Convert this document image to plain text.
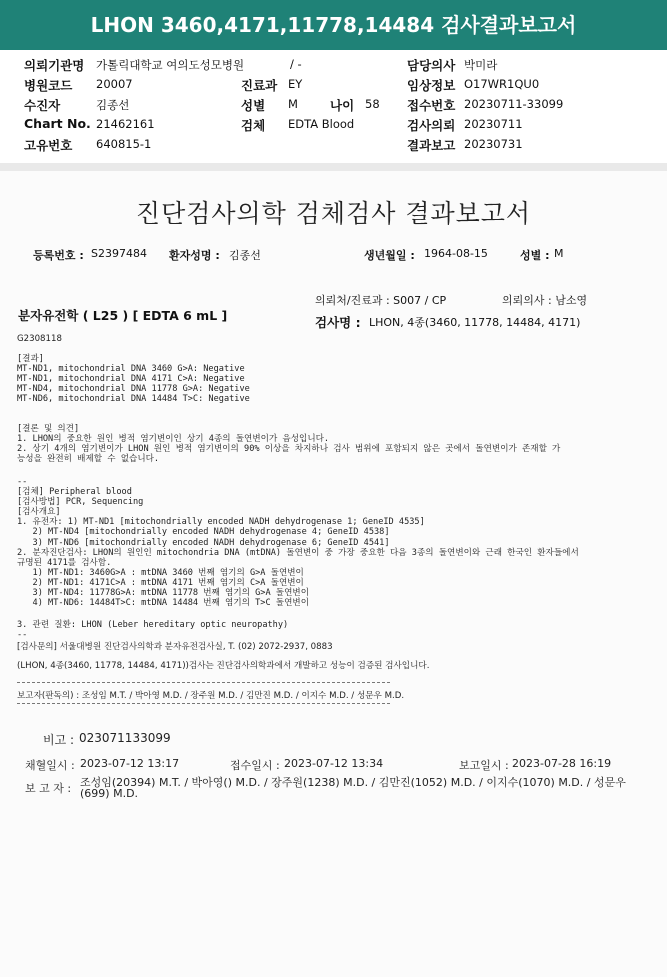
LHON 3460,4171,11778,14484 검사결과보고서
의뢰기관명 가톨릭대학교 여의도성모병원	/ -	담당의사 박미라
병원코드 20007	진료과 EY	임상정보 O17WR1QU0
수진자	김종선	성별 M	나이 58 접수번호 20230711-33099
Chart No. 21462161	검체 EDTA Blood	검사의뢰 20230711
고유번호 640815-1	결과보고 20230731
진단검사의학 검체검사 결과보고서
등록번호 : S2397484 환자성명 : 김종선	생년월일 : 1964-08-15	성별 : M
의뢰처/진료과 : S007 / CP	의뢰의사 : 남소영
분자유전학 ( L25 ) [ EDTA 6 mL ]	검사명 : LHON, 4종(3460, 11778, 14484, 4171)
G2308118
[결과]
MT-ND1, mitochondrial DNA 3460 G>A: Negative
MT-ND1, mitochondrial DNA 4171 C>A: Negative
MT-ND4, mitochondrial DNA 11778 G>A: Negative
MT-ND6, mitochondrial DNA 14484 T>C: Negative
[결론 및 의견]
1. LHON의 중요한 원인 병적 염기변이인 상기 4종의 돌연변이가 음성입니다.
2. 상기 4개의 염기변이가 LHON 원인 병적 염기변이의 90% 이상을 차지하나 검사 범위에 포함되지 않은 곳에서 돌연변이가 존재할 가
능성을 완전히 배제할 수 없습니다.
--
[검체] Peripheral blood
[검사방법] PCR, Sequencing
[검사개요]
1. 유전자: 1) MT-ND1 [mitochondrially encoded NADH dehydrogenase 1; GeneID 4535]
2) MT-ND4 [mitochondrially encoded NADH dehydrogenase 4; GeneID 4538]
3) MT-ND6 [mitochondrially encoded NADH dehydrogenase 6; GeneID 4541]
2. 분자진단검사: LHON의 원인인 mitochondria DNA (mtDNA) 돌연변이 중 가장 중요한 다음 3종의 돌연변이와 근래 한국인 환자들에서
규명된 4171를 검사함.
1) MT-ND1: 3460G>A : mtDNA 3460 번째 염기의 G>A 돌연변이
2) MT-ND1: 4171C>A : mtDNA 4171 번째 염기의 C>A 돌연변이
3) MT-ND4: 11778G>A: mtDNA 11778 번째 염기의 G>A 돌연변이
4) MT-ND6: 14484T>C: mtDNA 14484 번째 염기의 T>C 돌연변이
3. 관련 질환: LHON (Leber hereditary optic neuropathy)
--
[검사문의] 서울대병원 진단검사의학과 분자유전검사실, T. (02) 2072-2937, 0883
(LHON, 4종(3460, 11778, 14484, 4171))검사는 진단검사의학과에서 개발하고 성능이 검증된 검사입니다.
보고자(판독의) : 조성임 M.T. / 박아영 M.D. / 장주원 M.D. / 김만진 M.D. / 이지수 M.D. / 성문우 M.D.
비고 : 023071133099
채혈일시 : 2023-07-12 13:17	접수일시 : 2023-07-12 13:34	보고일시 : 2023-07-28 16:19
보 고 자 : 조성임(20394) M.T. / 박아영() M.D. / 장주원(1238) M.D. / 김만진(1052) M.D. / 이지수(1070) M.D. / 성문우
(699) M.D.
